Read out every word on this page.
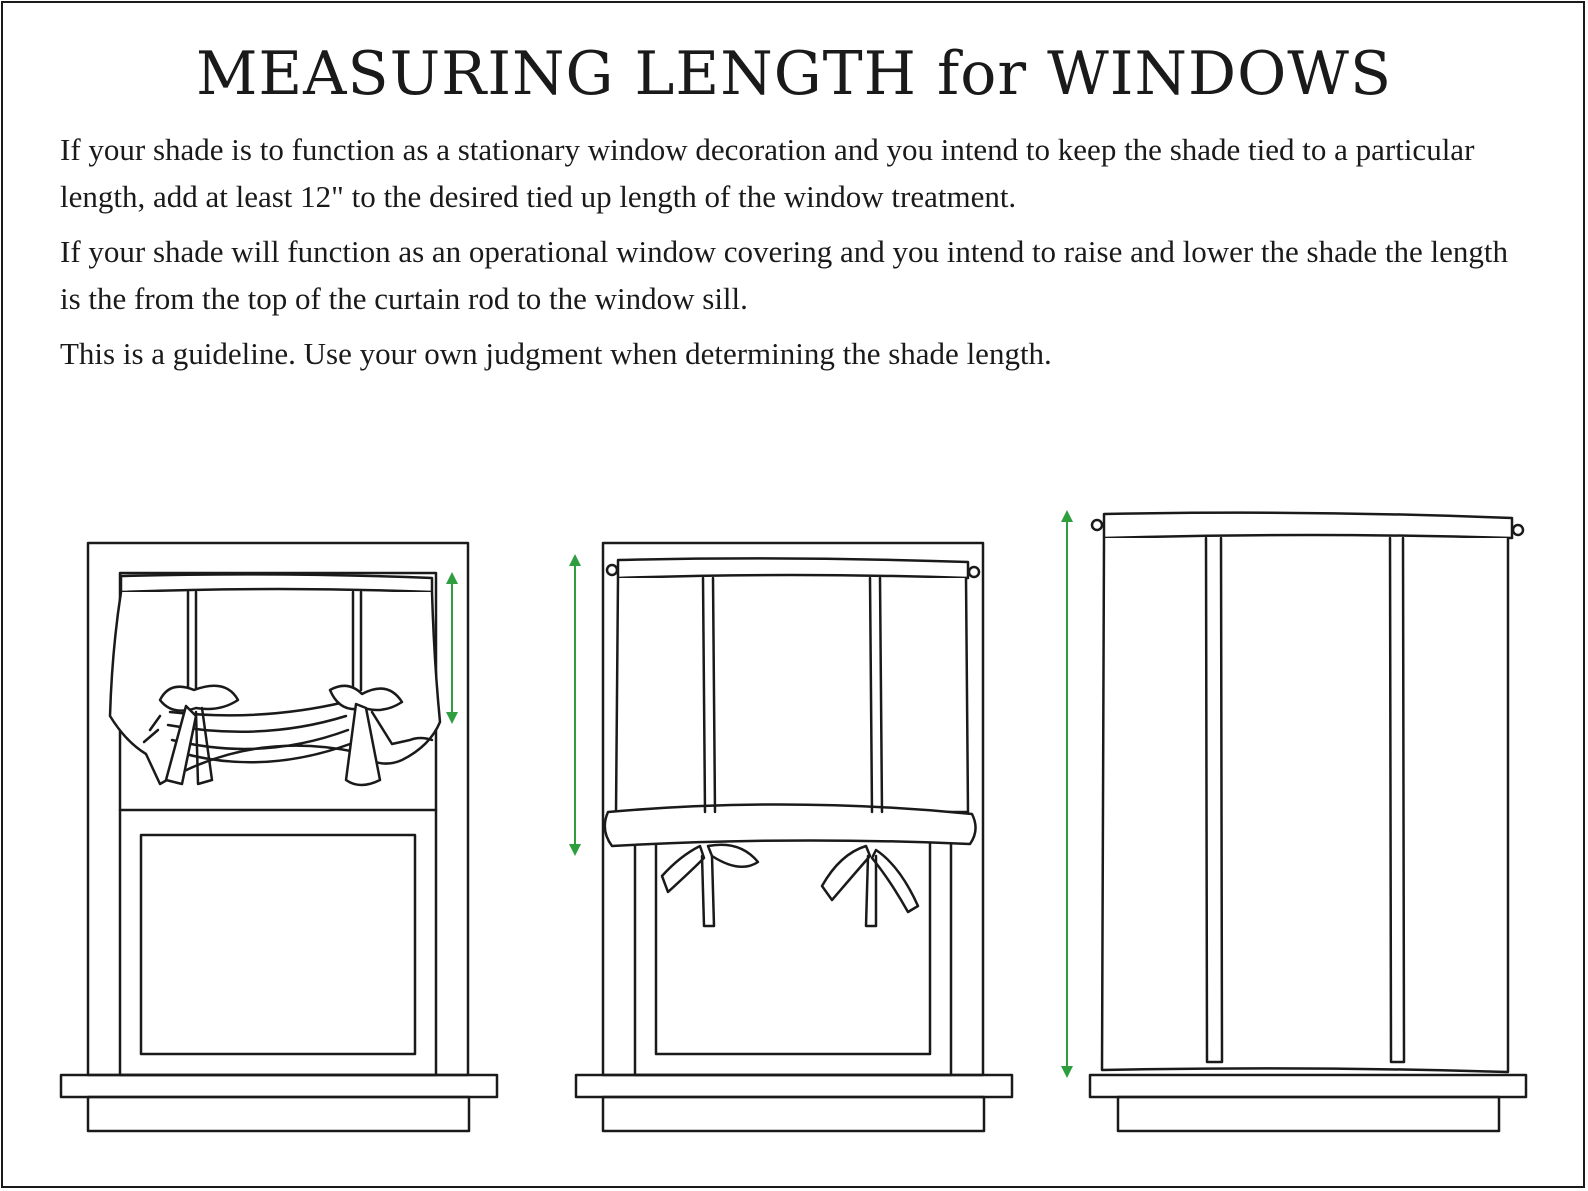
MEASURING LENGTH for WINDOWS

If your shade is to function as a stationary window decoration and you intend to keep the shade tied to a particular length, add at least 12" to the desired tied up length of the window treatment.

If your shade will function as an operational window covering and you intend to raise and lower the shade the length is the from the top of the curtain rod to the window sill.

This is a guideline. Use your own judgment when determining the shade length.
